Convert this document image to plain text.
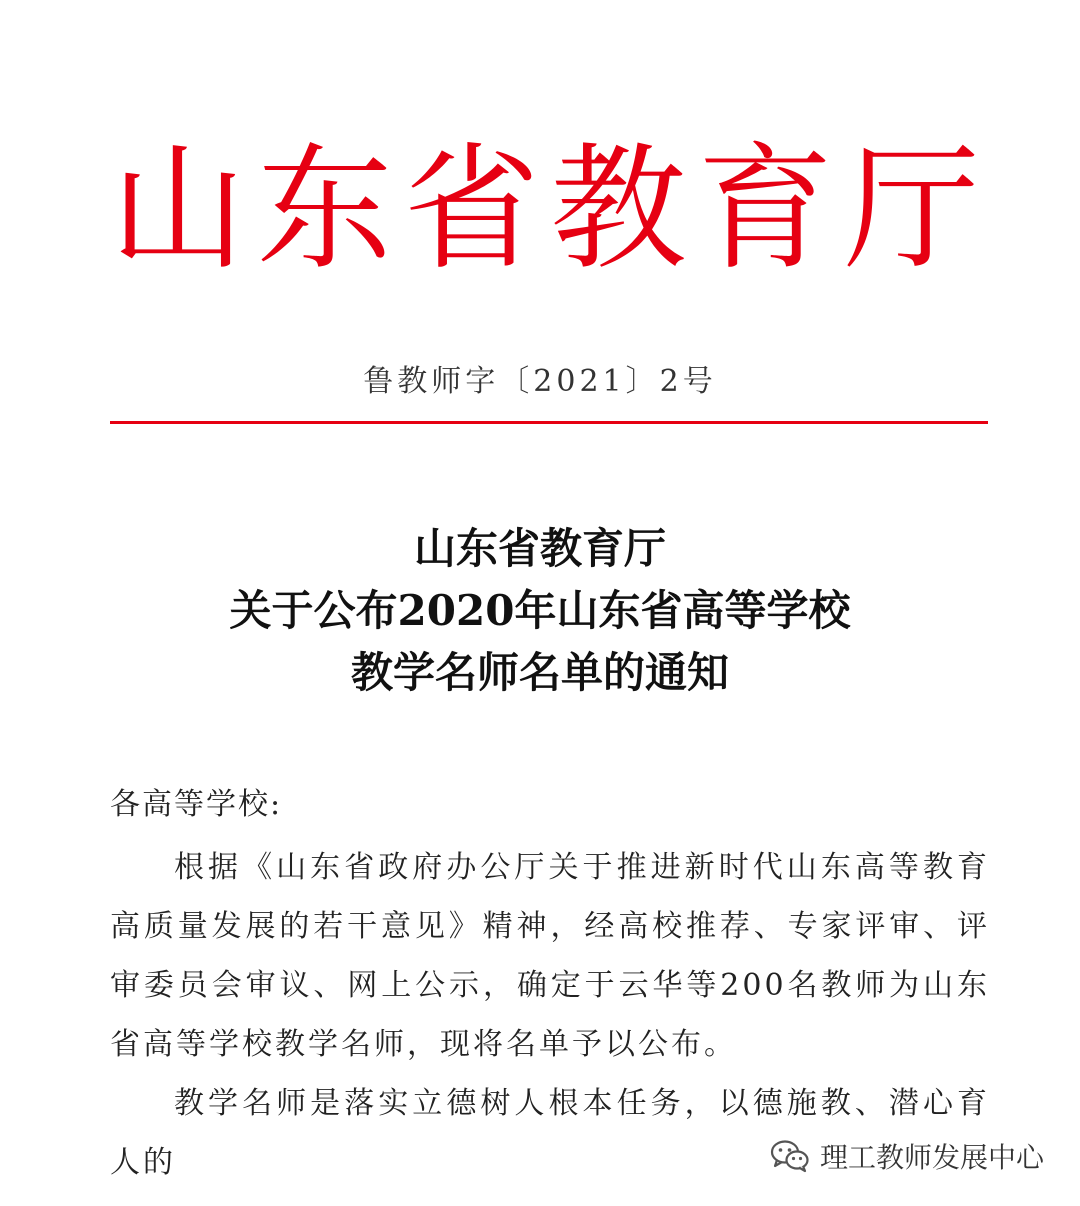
山 东 省 教 育 厅
鲁教师字〔2021〕2号
山东省教育厅
关于公布2020年山东省高等学校
教学名师名单的通知
各高等学校:

根据《山东省政府办公厅关于推进新时代山东高等教育高质量发展的若干意见》精神，经高校推荐、专家评审、评审委员会审议、网上公示，确定于云华等200名教师为山东省高等学校教学名师，现将名单予以公布。

教学名师是落实立德树人根本任务，以德施教、潜心育人的	理工教师发展中心
